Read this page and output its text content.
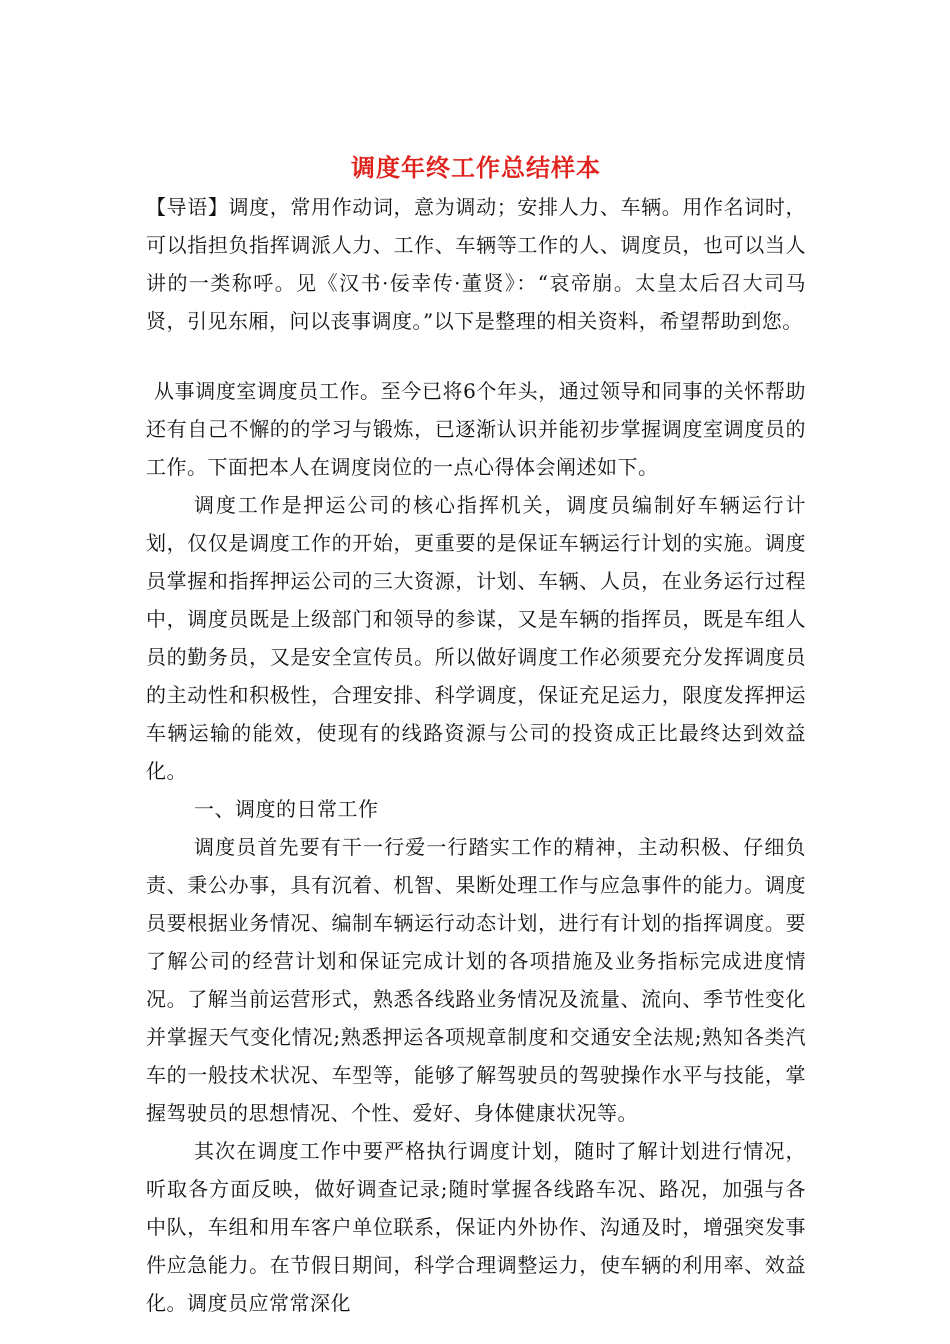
调度年终工作总结样本

【导语】调度，常用作动词，意为调动；安排人力、车辆。用作名词时，可以指担负指挥调派人力、工作、车辆等工作的人、调度员，也可以当人讲的一类称呼。见《汉书·佞幸传·董贤》：“哀帝崩。太皇太后召大司马贤，引见东厢，问以丧事调度。”以下是整理的相关资料，希望帮助到您。

从事调度室调度员工作。至今已将6个年头，通过领导和同事的关怀帮助还有自己不懈的的学习与锻炼，已逐渐认识并能初步掌握调度室调度员的工作。下面把本人在调度岗位的一点心得体会阐述如下。

调度工作是押运公司的核心指挥机关，调度员编制好车辆运行计划，仅仅是调度工作的开始，更重要的是保证车辆运行计划的实施。调度员掌握和指挥押运公司的三大资源，计划、车辆、人员，在业务运行过程中，调度员既是上级部门和领导的参谋，又是车辆的指挥员，既是车组人员的勤务员，又是安全宣传员。所以做好调度工作必须要充分发挥调度员的主动性和积极性，合理安排、科学调度，保证充足运力，限度发挥押运车辆运输的能效，使现有的线路资源与公司的投资成正比最终达到效益化。

一、调度的日常工作

调度员首先要有干一行爱一行踏实工作的精神，主动积极、仔细负责、秉公办事，具有沉着、机智、果断处理工作与应急事件的能力。调度员要根据业务情况、编制车辆运行动态计划，进行有计划的指挥调度。要了解公司的经营计划和保证完成计划的各项措施及业务指标完成进度情况。了解当前运营形式，熟悉各线路业务情况及流量、流向、季节性变化并掌握天气变化情况;熟悉押运各项规章制度和交通安全法规;熟知各类汽车的一般技术状况、车型等，能够了解驾驶员的驾驶操作水平与技能，掌握驾驶员的思想情况、个性、爱好、身体健康状况等。

其次在调度工作中要严格执行调度计划，随时了解计划进行情况，听取各方面反映，做好调查记录;随时掌握各线路车况、路况，加强与各中队，车组和用车客户单位联系，保证内外协作、沟通及时，增强突发事件应急能力。在节假日期间，科学合理调整运力，使车辆的利用率、效益化。调度员应常常深化
